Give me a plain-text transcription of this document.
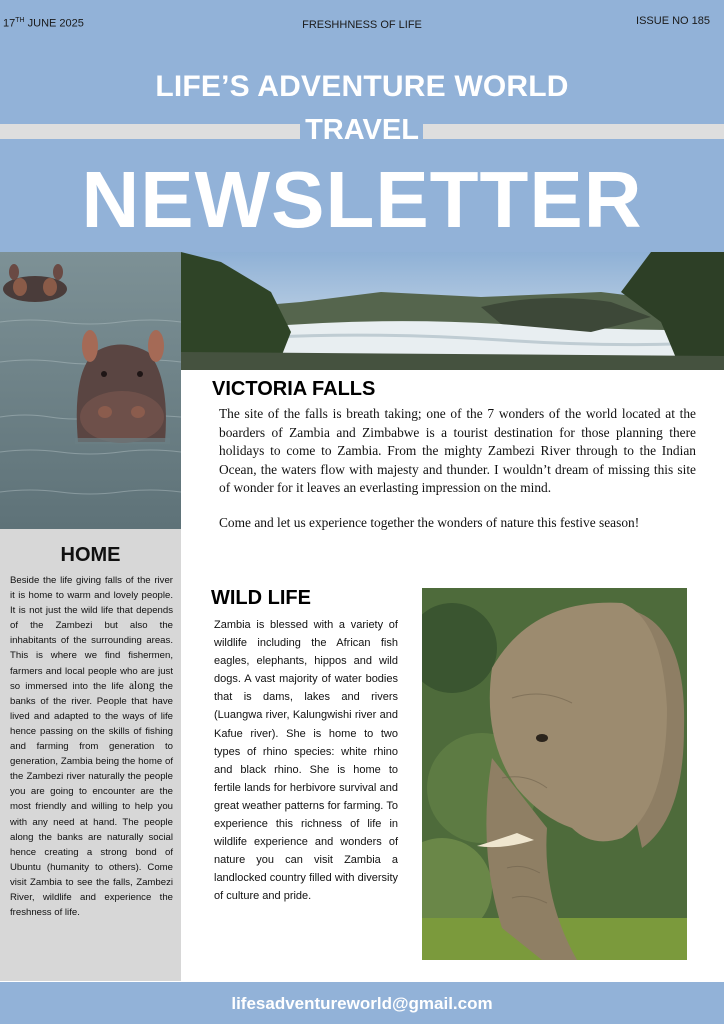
17TH JUNE 2025	FRESHHNESS OF LIFE	ISSUE NO 185
LIFE’S ADVENTURE WORLD
TRAVEL
NEWSLETTER
VICTORIA FALLS
The site of the falls is breath taking; one of the 7 wonders of the world located at the boarders of Zambia and Zimbabwe is a tourist destination for those planning there holidays to come to Zambia. From the mighty Zambezi River through to the Indian Ocean, the waters flow with majesty and thunder. I wouldn’t dream of missing this site of wonder for it leaves an everlasting impression on the mind.
Come and let us experience together the wonders of nature this festive season!
HOME
Beside the life giving falls of the river it is home to warm and lovely people. It is not just the wild life that depends of the Zambezi but also the inhabitants of the surrounding areas. This is where we find fishermen, farmers and local people who are just so immersed into the life along the banks of the river. People that have lived and adapted to the ways of life hence passing on the skills of fishing and farming from generation to generation, Zambia being the home of the Zambezi river naturally the people you are going to encounter are the most friendly and willing to help you with any need at hand. The people along the banks are naturally social hence creating a strong bond of Ubuntu (humanity to others). Come visit Zambia to see the falls, Zambezi River, wildlife and experience the freshness of life.
WILD LIFE
Zambia is blessed with a variety of wildlife including the African fish eagles, elephants, hippos and wild dogs. A vast majority of water bodies that is dams, lakes and rivers (Luangwa river, Kalungwishi river and Kafue river). She is home to two types of rhino species: white rhino and black rhino. She is home to fertile lands for herbivore survival and great weather patterns for farming. To experience this richness of life in wildlife experience and wonders of nature you can visit Zambia a landlocked country filled with diversity of culture and pride.
lifesadventureworld@gmail.com
